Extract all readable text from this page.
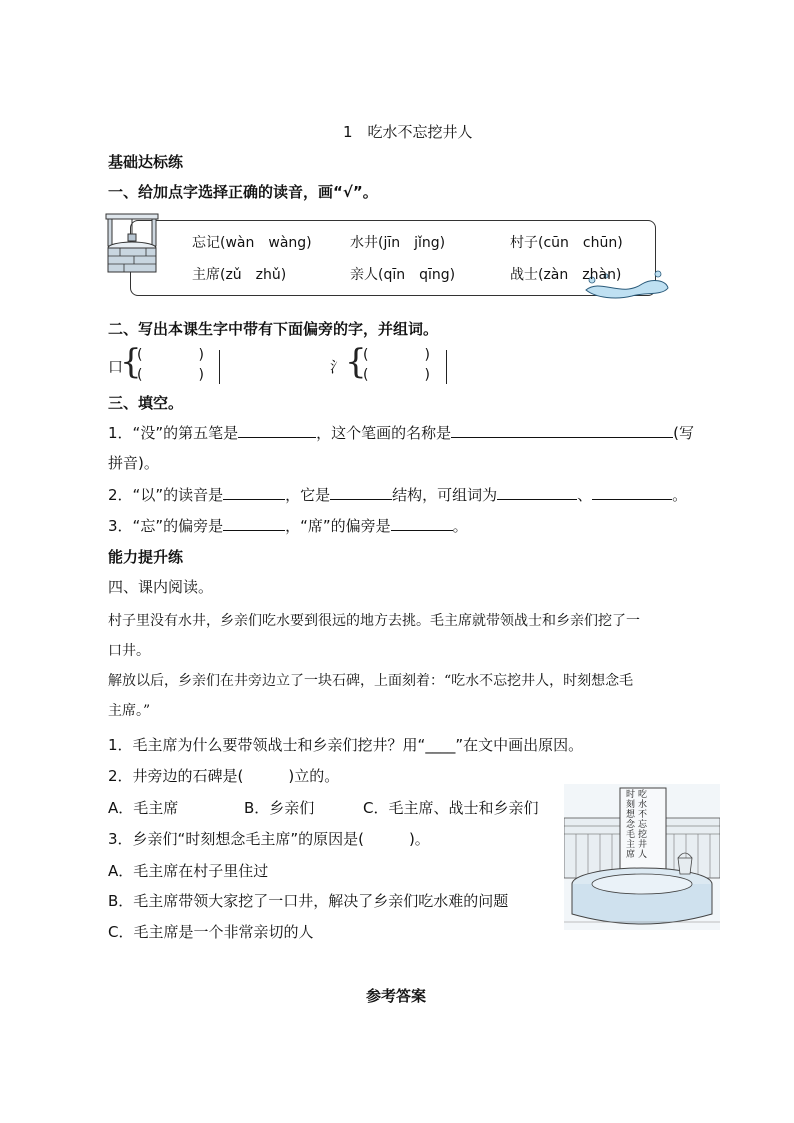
1　吃水不忘挖井人
基础达标练
一、给加点字选择正确的读音，画“√”。
忘记(wàn　wàng)	水井(jīn　jǐng)	村子(cūn　chūn)
主席(zǔ　zhǔ)	亲人(qīn　qīng)	战士(zàn　zhàn)
二、写出本课生字中带有下面偏旁的字，并组词。
口
{
(　　　　)
(　　　　)	氵 {
(　　　　)
(　　　　)
三、填空。
1．“没”的第五笔是	，这个笔画的名称是	(写
拼音)。
2．“以”的读音是	，它是	结构，可组词为	、	。
3．“忘”的偏旁是	，“席”的偏旁是	。
能力提升练
四、课内阅读。
村子里没有水井，乡亲们吃水要到很远的地方去挑。毛主席就带领战士和乡亲们挖了一
口井。
解放以后，乡亲们在井旁边立了一块石碑，上面刻着：“吃水不忘挖井人，时刻想念毛
主席。”
1．毛主席为什么要带领战士和乡亲们挖井？用“____”在文中画出原因。
2．井旁边的石碑是(　　　)立的。
A．毛主席	B．乡亲们	C．毛主席、战士和乡亲们
3．乡亲们“时刻想念毛主席”的原因是(　　　)。
A．毛主席在村子里住过
B．毛主席带领大家挖了一口井，解决了乡亲们吃水难的问题
C．毛主席是一个非常亲切的人
吃水不忘挖井人
时刻想念毛主席
参考答案
